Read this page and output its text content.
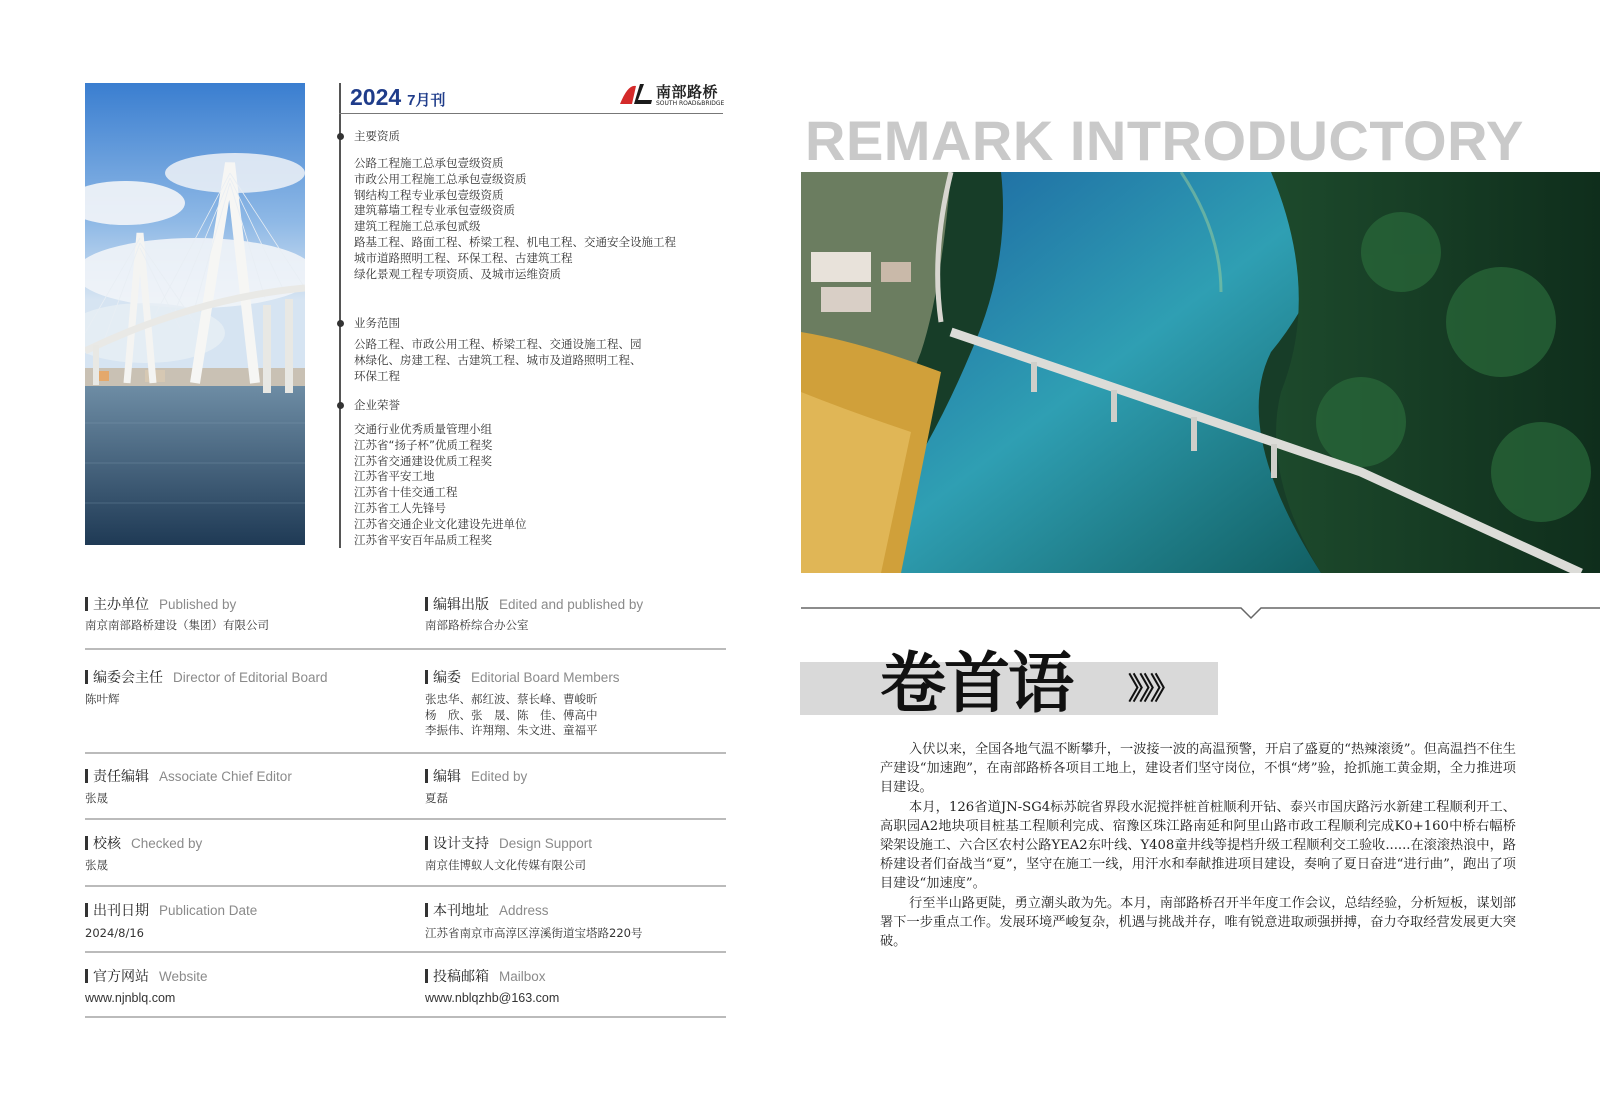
2024 7月刊	南部路桥
SOUTH ROAD&BRIDGE
主要资质
公路工程施工总承包壹级资质
市政公用工程施工总承包壹级资质
钢结构工程专业承包壹级资质
建筑幕墙工程专业承包壹级资质
建筑工程施工总承包贰级
路基工程、路面工程、桥梁工程、机电工程、交通安全设施工程
城市道路照明工程、环保工程、古建筑工程
绿化景观工程专项资质、及城市运维资质
业务范围
公路工程、市政公用工程、桥梁工程、交通设施工程、园
林绿化、房建工程、古建筑工程、城市及道路照明工程、
环保工程
企业荣誉
交通行业优秀质量管理小组
江苏省“扬子杯”优质工程奖
江苏省交通建设优质工程奖
江苏省平安工地
江苏省十佳交通工程
江苏省工人先锋号
江苏省交通企业文化建设先进单位
江苏省平安百年品质工程奖
主办单位 Published by
南京南部路桥建设（集团）有限公司
编辑出版 Edited and published by
南部路桥综合办公室
编委会主任 Director of Editorial Board
陈叶辉
编委 Editorial Board Members
张忠华、郝红波、蔡长峰、曹峻昕
杨　欣、张　晟、陈　佳、傅高中
李振伟、许翔翔、朱文进、童福平
责任编辑 Associate Chief Editor
张晟
编辑 Edited by
夏磊
校核 Checked by
张晟
设计支持 Design Support
南京佳博蚁人文化传媒有限公司
出刊日期 Publication Date
2024/8/16
本刊地址 Address
江苏省南京市高淳区淳溪街道宝塔路220号
官方网站 Website
www.njnblq.com
投稿邮箱 Mailbox
www.nblqzhb@163.com
REMARK INTRODUCTORY
卷首语 》》》

入伏以来，全国各地气温不断攀升，一波接一波的高温预警，开启了盛夏的“热辣滚烫”。但高温挡不住生产建设“加速跑”，在南部路桥各项目工地上，建设者们坚守岗位，不惧“烤”验，抢抓施工黄金期，全力推进项目建设。

本月，126省道JN-SG4标苏皖省界段水泥搅拌桩首桩顺利开钻、泰兴市国庆路污水新建工程顺利开工、高职园A2地块项目桩基工程顺利完成、宿豫区珠江路南延和阿里山路市政工程顺利完成K0+160中桥右幅桥梁架设施工、六合区农村公路YEA2东叶线、Y408童井线等提档升级工程顺利交工验收......在滚滚热浪中，路桥建设者们奋战当“夏”，坚守在施工一线，用汗水和奉献推进项目建设，奏响了夏日奋进“进行曲”，跑出了项目建设“加速度”。

行至半山路更陡，勇立潮头敢为先。本月，南部路桥召开半年度工作会议，总结经验，分析短板，谋划部署下一步重点工作。发展环境严峻复杂，机遇与挑战并存，唯有锐意进取顽强拼搏，奋力夺取经营发展更大突破。
